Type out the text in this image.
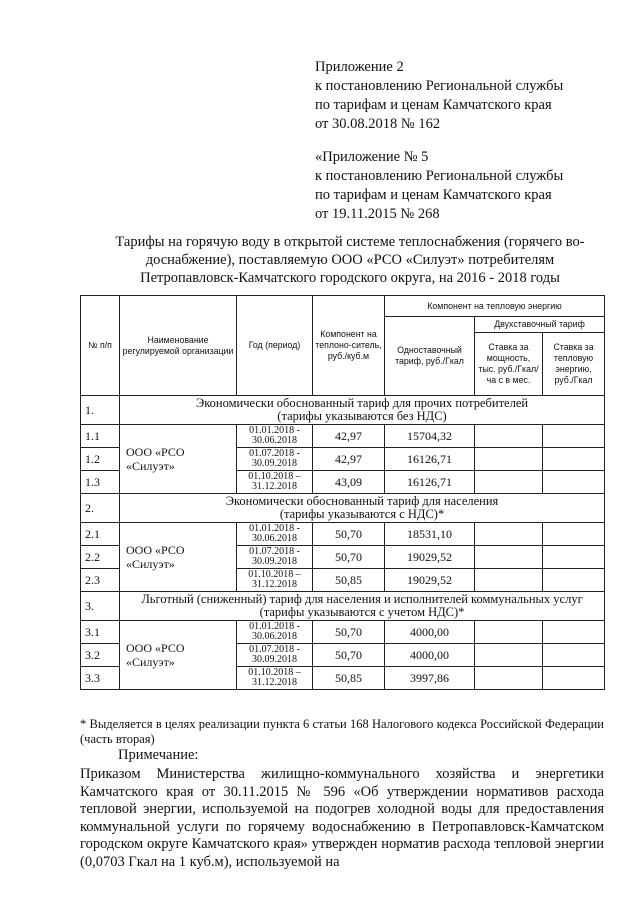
Приложение 2
к постановлению Региональной службы
по тарифам и ценам Камчатского края
от 30.08.2018 № 162
«Приложение № 5
к постановлению Региональной службы
по тарифам и ценам Камчатского края
от 19.11.2015 № 268
Тарифы на горячую воду в открытой системе теплоснабжения (горячего во-
доснабжение), поставляемую ООО «РСО «Силуэт» потребителям
Петропавловск-Камчатского городского округа, на 2016 - 2018 годы
№ п/п	Наименование регулируемой организации	Год (период)	Компонент на теплоно-ситель, руб./куб.м	Компонент на тепловую энергию		
				Одноставочный тариф, руб./Гкал	Двухставочный тариф	
					Ставка за мощность, тыс. руб./Гкал/ча с в мес.	Ставка за тепловую энергию, руб./Гкал
1.	Экономически обоснованный тариф для прочих потребителей
(тарифы указываются без НДС)					

1.1	ООО «РСО «Силуэт»	01.01.2018 -
30.06.2018	42,97	15704,32		
1.2		01.07.2018 -
30.09.2018	42,97	16126,71		
1.3		01.10.2018 –
31.12.2018	43,09	16126,71		
2.	Экономически обоснованный тариф для населения
(тарифы указываются с НДС)*					

2.1	ООО «РСО «Силуэт»	01.01.2018 -
30.06.2018	50,70	18531,10		
2.2		01.07.2018 -
30.09.2018	50,70	19029,52		
2.3		01.10.2018 –
31.12.2018	50,85	19029,52		
3.	Льготный (сниженный) тариф для населения и исполнителей коммунальных услуг
(тарифы указываются с учетом НДС)*					

3.1	ООО «РСО «Силуэт»	01.01.2018 -
30.06.2018	50,70	4000,00		
3.2		01.07.2018 -
30.09.2018	50,70	4000,00		
3.3		01.10.2018 –
31.12.2018	50,85	3997,86		
* Выделяется в целях реализации пункта 6 статьи 168 Налогового кодекса Российской Федерации (часть вторая)
Примечание:
Приказом Министерства жилищно-коммунального хозяйства и энергетики Камчатского края от 30.11.2015 № 596 «Об утверждении нормативов расхода тепловой энергии, используемой на подогрев холодной воды для предоставления коммунальной услуги по горячему водоснабжению в Петропавловск-Камчатском городском округе Камчатского края» утвержден норматив расхода тепловой энергии (0,0703 Гкал на 1 куб.м), используемой на
